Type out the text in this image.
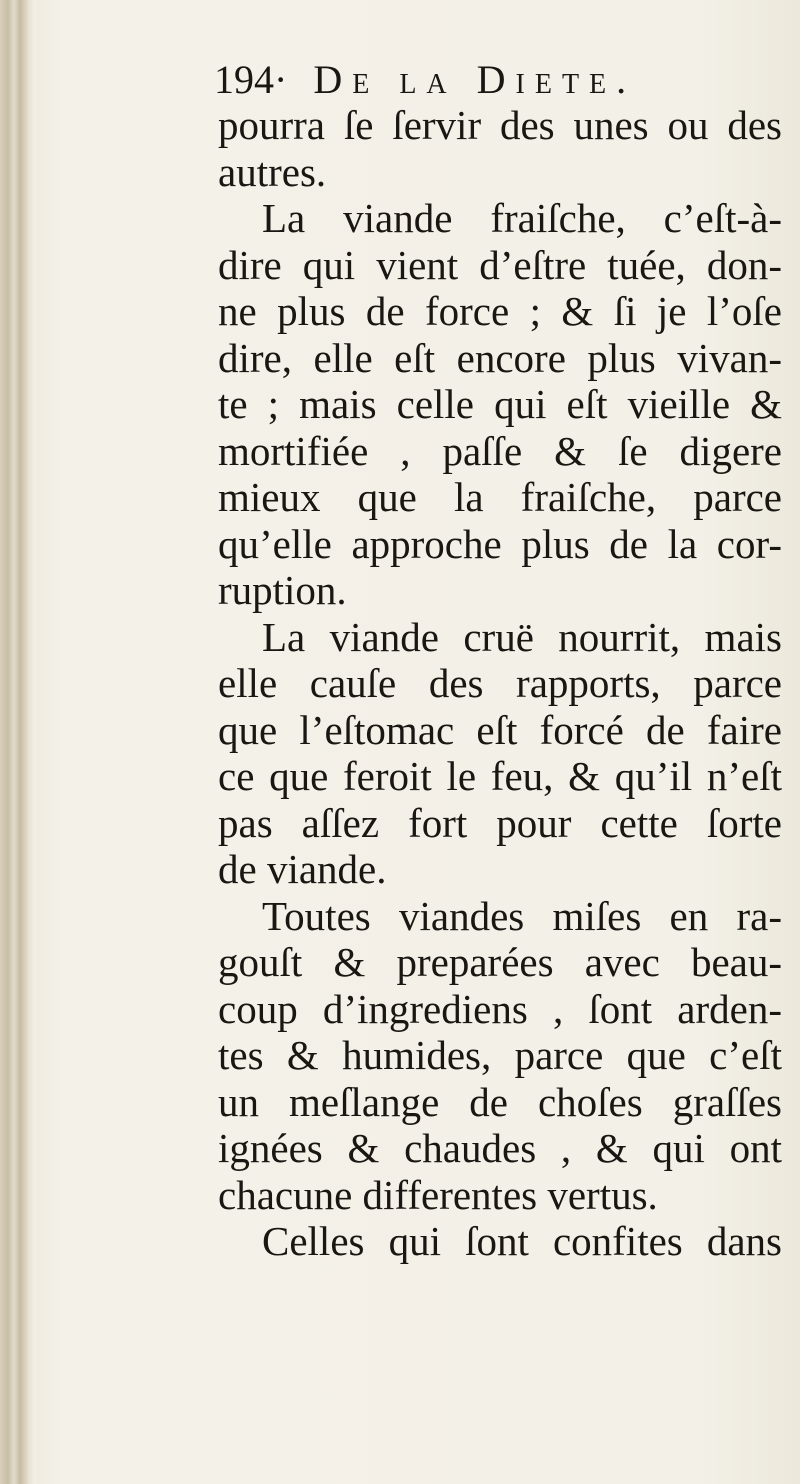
194· De la Diete.
pourra ſe ſervir des unes ou des
autres.
La viande fraiſche, c’eſt-à-
dire qui vient d’eſtre tuée, don-
ne plus de force ; & ſi je l’oſe
dire, elle eſt encore plus vivan-
te ; mais celle qui eſt vieille &
mortifiée , paſſe & ſe digere
mieux que la fraiſche, parce
qu’elle approche plus de la cor-
ruption.
La viande cruë nourrit, mais
elle cauſe des rapports, parce
que l’eſtomac eſt forcé de faire
ce que feroit le feu, & qu’il n’eſt
pas aſſez fort pour cette ſorte
de viande.
Toutes viandes miſes en ra-
gouſt & preparées avec beau-
coup d’ingrediens , ſont arden-
tes & humides, parce que c’eſt
un meſlange de choſes graſſes
ignées & chaudes , & qui ont
chacune differentes vertus.
Celles qui ſont confites dans
